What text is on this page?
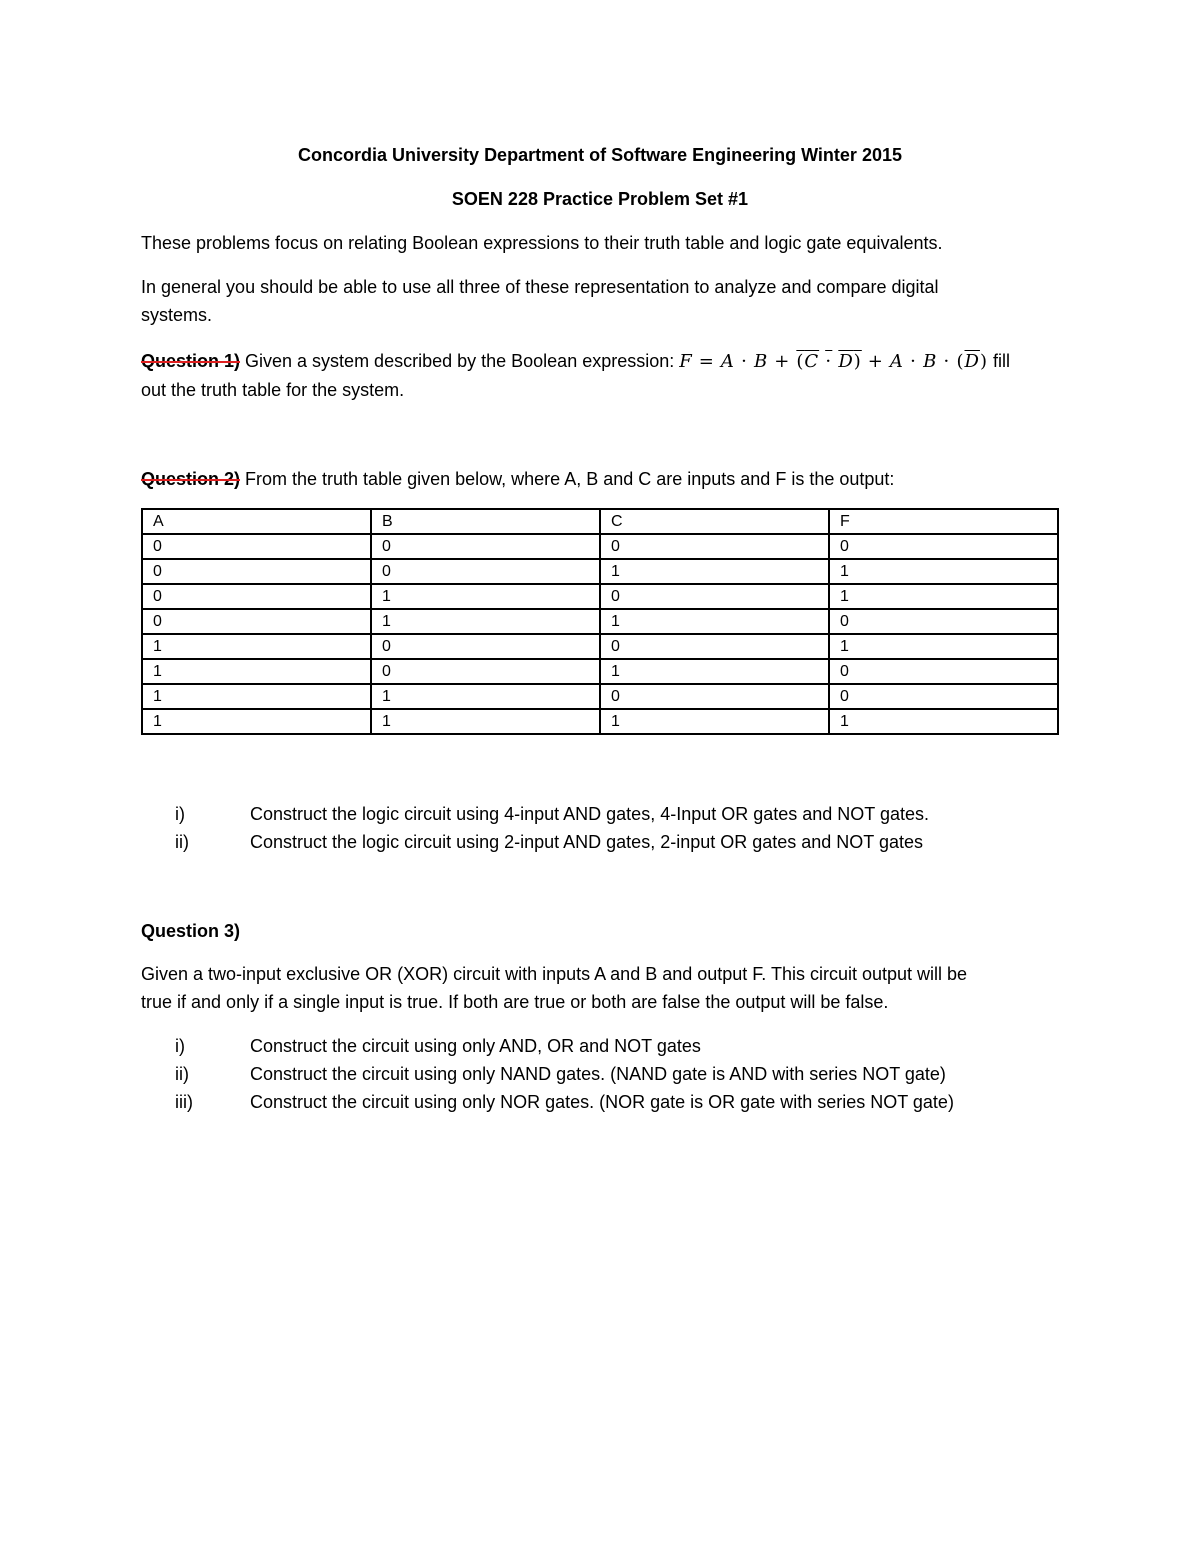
Concordia University Department of Software Engineering Winter 2015
SOEN 228 Practice Problem Set #1
These problems focus on relating Boolean expressions to their truth table and logic gate equivalents.
In general you should be able to use all three of these representation to analyze and compare digital
systems.
Question 1) Given a system described by the Boolean expression: $F = A \cdot B + (C \cdot D) + A \cdot B \cdot (\overline{D})$ fill
out the truth table for the system.
Question 2) From the truth table given below, where A, B and C are inputs and F is the output:
A	B	C	F
0	0	0	0
0	0	1	1
0	1	0	1
0	1	1	0
1	0	0	1
1	0	1	0
1	1	0	0
1	1	1	1
i)	Construct the logic circuit using 4-input AND gates, 4-Input OR gates and NOT gates.
ii)	Construct the logic circuit using 2-input AND gates, 2-input OR gates and NOT gates
Question 3)
Given a two-input exclusive OR (XOR) circuit with inputs A and B and output F. This circuit output will be
true if and only if a single input is true. If both are true or both are false the output will be false.
i)	Construct the circuit using only AND, OR and NOT gates
ii)	Construct the circuit using only NAND gates. (NAND gate is AND with series NOT gate)
iii)	Construct the circuit using only NOR gates. (NOR gate is OR gate with series NOT gate)
